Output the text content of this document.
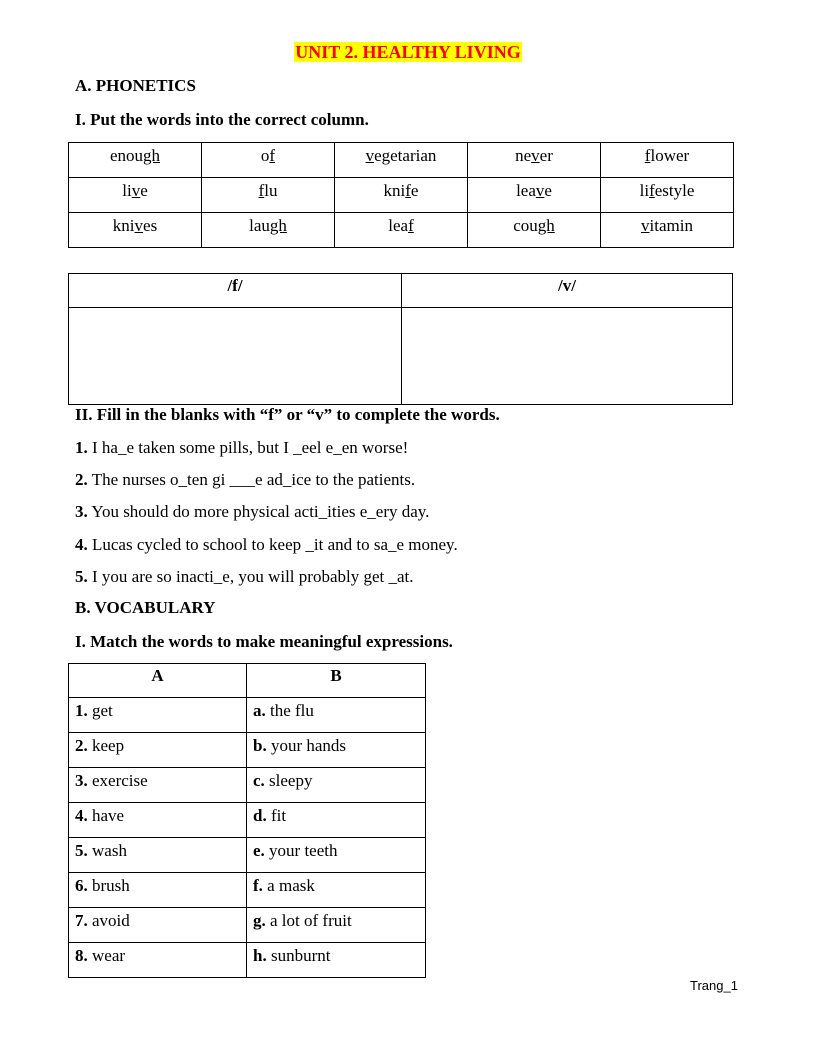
UNIT 2. HEALTHY LIVING
A. PHONETICS
I. Put the words into the correct column.
enough	of	vegetarian	never	flower
live	flu	knife	leave	lifestyle
knives	laugh	leaf	cough	vitamin
/f/	/v/

II. Fill in the blanks with “f” or “v” to complete the words.
1. I ha_e taken some pills, but I _eel e_en worse!
2. The nurses o_ten gi ___e ad_ice to the patients.
3. You should do more physical acti_ities e_ery day.
4. Lucas cycled to school to keep _it and to sa_e money.
5. I you are so inacti_e, you will probably get _at.
B. VOCABULARY
I. Match the words to make meaningful expressions.
A	B
1. get	a. the flu
2. keep	b. your hands
3. exercise	c. sleepy
4. have	d. fit
5. wash	e. your teeth
6. brush	f. a mask
7. avoid	g. a lot of fruit
8. wear	h. sunburnt
Trang_1
